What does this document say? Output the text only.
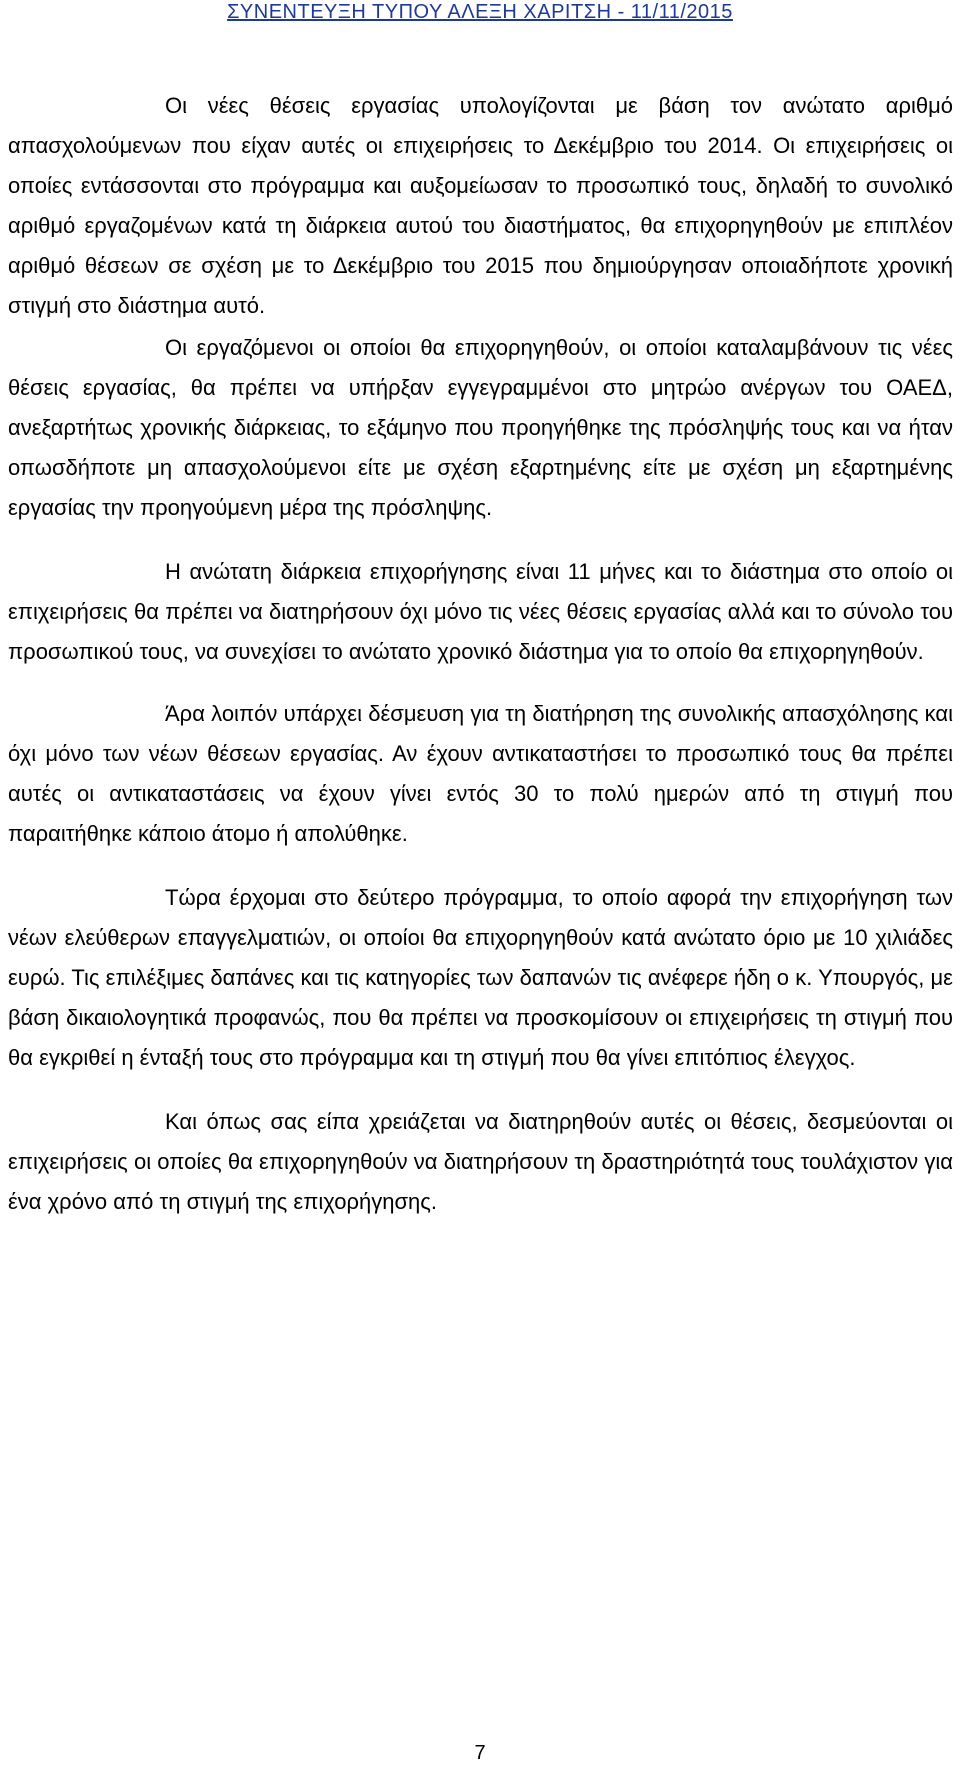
ΣΥΝΕΝΤΕΥΞΗ ΤΥΠΟΥ ΑΛΕΞΗ ΧΑΡΙΤΣΗ - 11/11/2015

Οι νέες θέσεις εργασίας υπολογίζονται με βάση τον ανώτατο αριθμό απασχολούμενων που είχαν αυτές οι επιχειρήσεις το Δεκέμβριο του 2014. Οι επιχειρήσεις οι οποίες εντάσσονται στο πρόγραμμα και αυξομείωσαν το προσωπικό τους, δηλαδή το συνολικό αριθμό εργαζομένων κατά τη διάρκεια αυτού του διαστήματος, θα επιχορηγηθούν με επιπλέον αριθμό θέσεων σε σχέση με το Δεκέμβριο του 2015 που δημιούργησαν οποιαδήποτε χρονική στιγμή στο διάστημα αυτό.

Οι εργαζόμενοι οι οποίοι θα επιχορηγηθούν, οι οποίοι καταλαμβάνουν τις νέες θέσεις εργασίας, θα πρέπει να υπήρξαν εγγεγραμμένοι στο μητρώο ανέργων του ΟΑΕΔ, ανεξαρτήτως χρονικής διάρκειας, το εξάμηνο που προηγήθηκε της πρόσληψής τους και να ήταν οπωσδήποτε μη απασχολούμενοι είτε με σχέση εξαρτημένης είτε με σχέση μη εξαρτημένης εργασίας την προηγούμενη μέρα της πρόσληψης.

Η ανώτατη διάρκεια επιχορήγησης είναι 11 μήνες και το διάστημα στο οποίο οι επιχειρήσεις θα πρέπει να διατηρήσουν όχι μόνο τις νέες θέσεις εργασίας αλλά και το σύνολο του προσωπικού τους, να συνεχίσει το ανώτατο χρονικό διάστημα για το οποίο θα επιχορηγηθούν.

Άρα λοιπόν υπάρχει δέσμευση για τη διατήρηση της συνολικής απασχόλησης και όχι μόνο των νέων θέσεων εργασίας. Αν έχουν αντικαταστήσει το προσωπικό τους θα πρέπει αυτές οι αντικαταστάσεις να έχουν γίνει εντός 30 το πολύ ημερών από τη στιγμή που παραιτήθηκε κάποιο άτομο ή απολύθηκε.

Τώρα έρχομαι στο δεύτερο πρόγραμμα, το οποίο αφορά την επιχορήγηση των νέων ελεύθερων επαγγελματιών, οι οποίοι θα επιχορηγηθούν κατά ανώτατο όριο με 10 χιλιάδες ευρώ. Τις επιλέξιμες δαπάνες και τις κατηγορίες των δαπανών τις ανέφερε ήδη ο κ. Υπουργός, με βάση δικαιολογητικά προφανώς, που θα πρέπει να προσκομίσουν οι επιχειρήσεις τη στιγμή που θα εγκριθεί η ένταξή τους στο πρόγραμμα και τη στιγμή που θα γίνει επιτόπιος έλεγχος.

Και όπως σας είπα χρειάζεται να διατηρηθούν αυτές οι θέσεις, δεσμεύονται οι επιχειρήσεις οι οποίες θα επιχορηγηθούν να διατηρήσουν τη δραστηριότητά τους τουλάχιστον για ένα χρόνο από τη στιγμή της επιχορήγησης.

7
